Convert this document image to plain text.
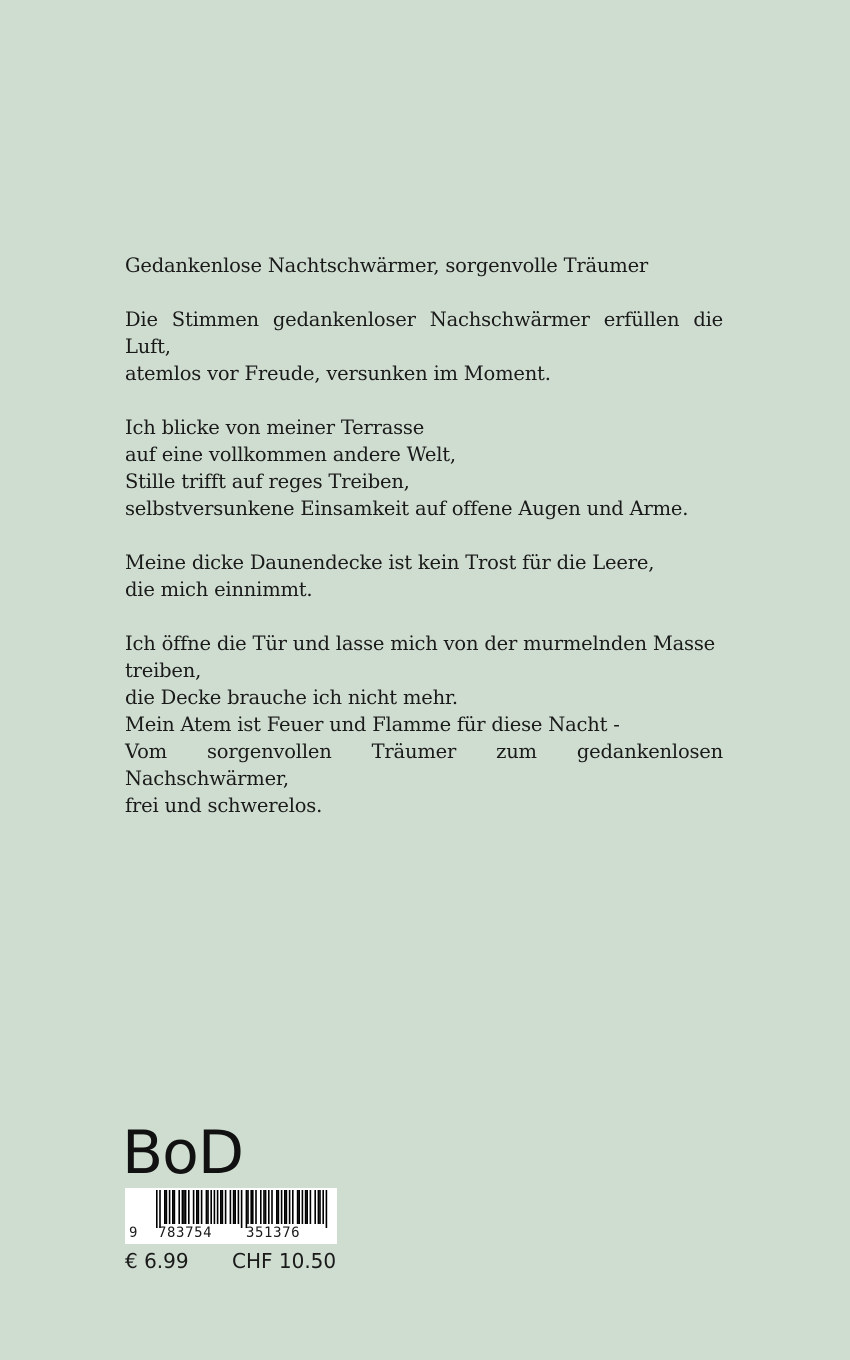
Gedankenlose Nachtschwärmer, sorgenvolle Träumer
Die Stimmen gedankenloser Nachschwärmer erfüllen die
Luft,
atemlos vor Freude, versunken im Moment.
Ich blicke von meiner Terrasse
auf eine vollkommen andere Welt,
Stille trifft auf reges Treiben,
selbstversunkene Einsamkeit auf offene Augen und Arme.
Meine dicke Daunendecke ist kein Trost für die Leere,
die mich einnimmt.
Ich öffne die Tür und lasse mich von der murmelnden Masse
treiben,
die Decke brauche ich nicht mehr.
Mein Atem ist Feuer und Flamme für diese Nacht -
Vom sorgenvollen Träumer zum gedankenlosen
Nachschwärmer,
frei und schwerelos.
BoD
9 783754 351376
€ 6.99 CHF 10.50
